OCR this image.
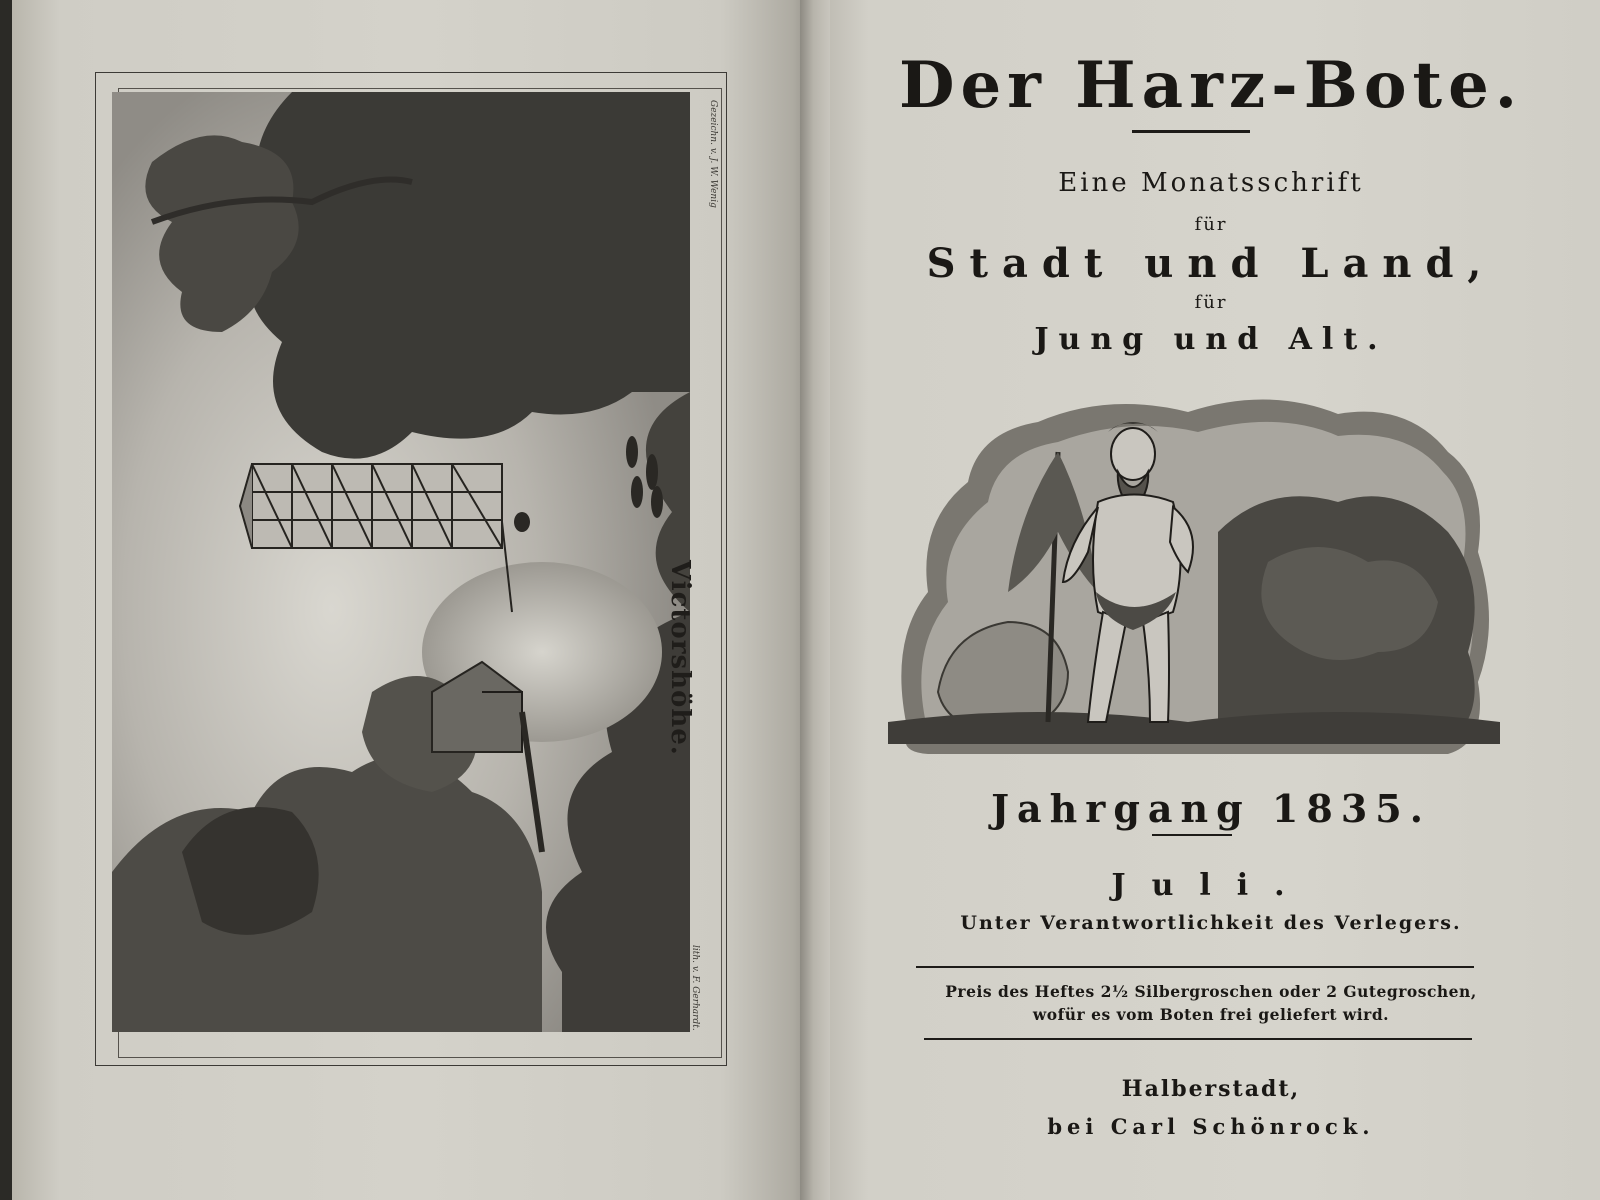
Gezeichn. v. J. W. Wenig
lith. v. F. Gerhardt.
Victorshöhe.
Der Harz-Bote.
Eine Monatsschrift
für
Stadt und Land,
für
Jung und Alt.
Jahrgang 1835.
Juli.
Unter Verantwortlichkeit des Verlegers.
Preis des Heftes 2½ Silbergroschen oder 2 Gutegroschen,
wofür es vom Boten frei geliefert wird.
Halberstadt,
bei Carl Schönrock.
